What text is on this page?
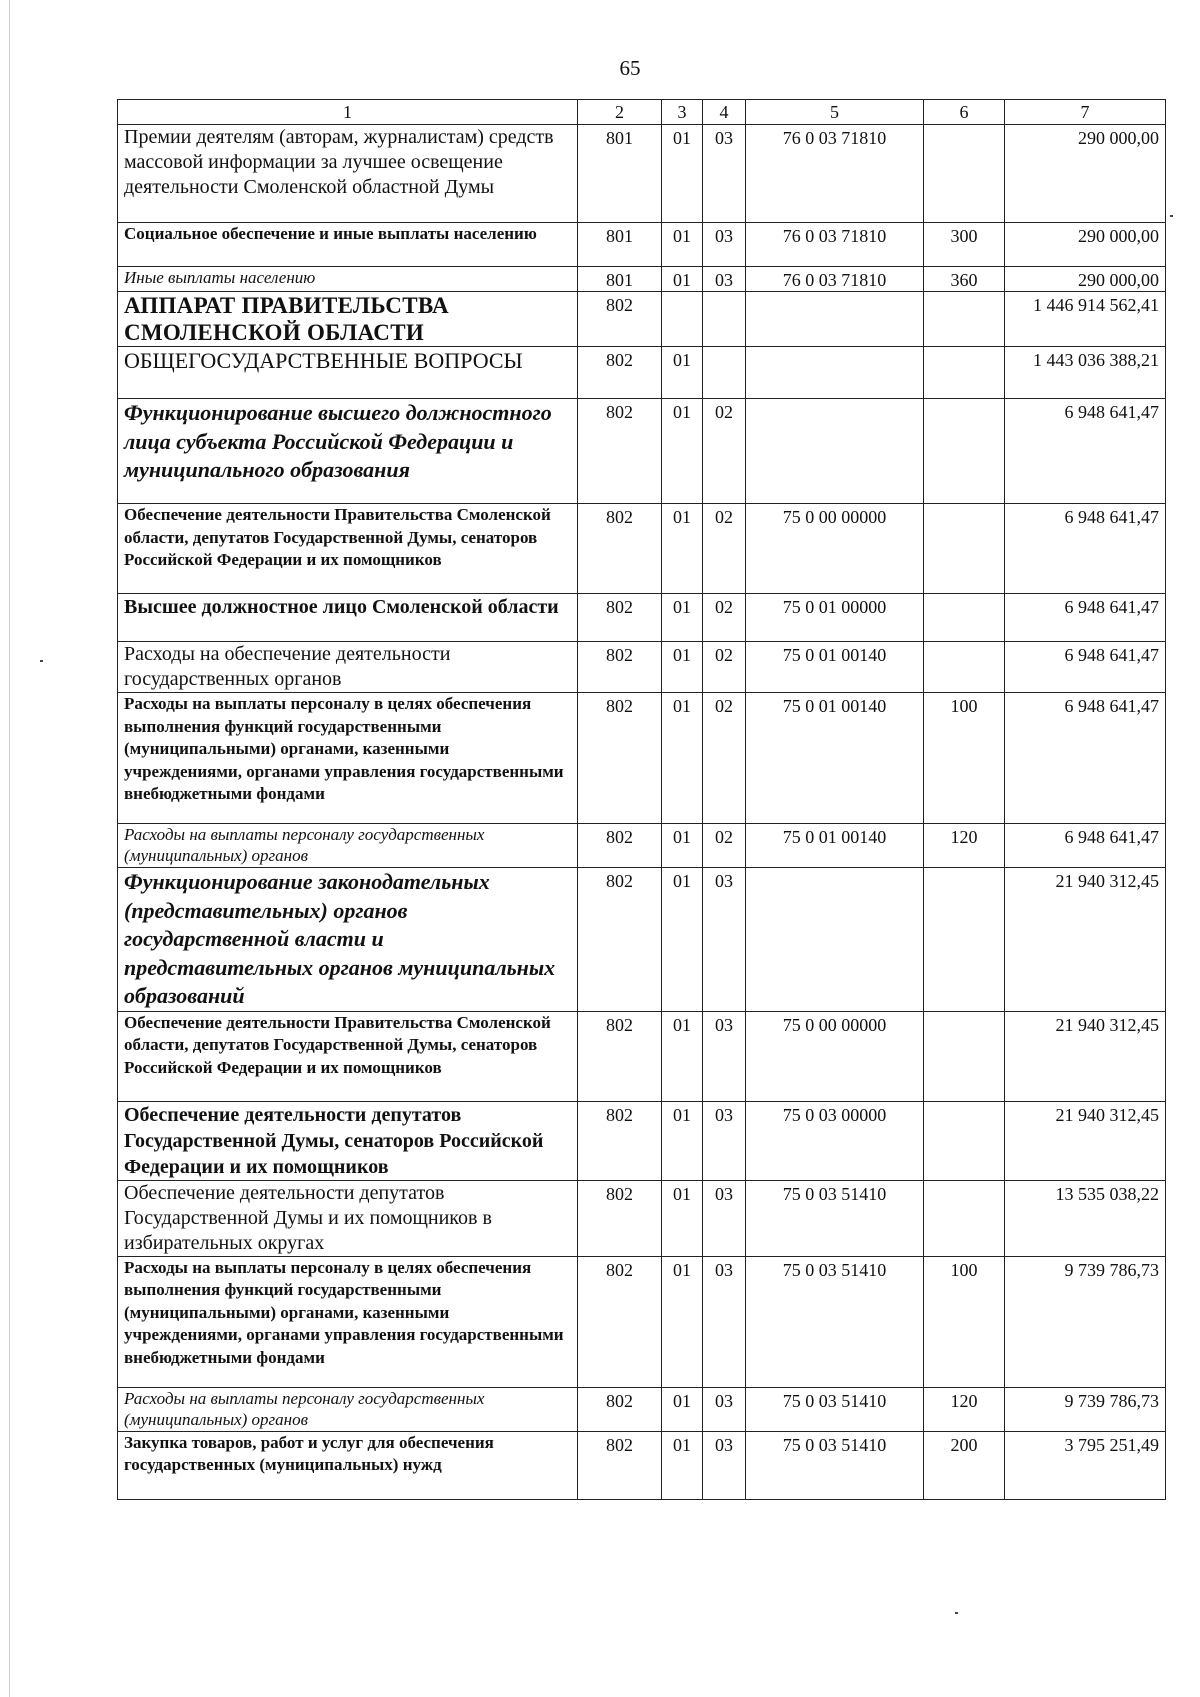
65
1	2	3	4	5	6	7
Премии деятелям (авторам, журналистам) средств массовой информации за лучшее освещение деятельности Смоленской областной Думы	801	01	03	76 0 03 71810		290 000,00
Социальное обеспечение и иные выплаты населению	801	01	03	76 0 03 71810	300	290 000,00
Иные выплаты населению	801	01	03	76 0 03 71810	360	290 000,00
АППАРАТ ПРАВИТЕЛЬСТВА СМОЛЕНСКОЙ ОБЛАСТИ	802					1 446 914 562,41
ОБЩЕГОСУДАРСТВЕННЫЕ ВОПРОСЫ	802	01				1 443 036 388,21
Функционирование высшего должностного лица субъекта Российской Федерации и муниципального образования	802	01	02			6 948 641,47
Обеспечение деятельности Правительства Смоленской области, депутатов Государственной Думы, сенаторов Российской Федерации и их помощников	802	01	02	75 0 00 00000		6 948 641,47
Высшее должностное лицо Смоленской области	802	01	02	75 0 01 00000		6 948 641,47
Расходы на обеспечение деятельности государственных органов	802	01	02	75 0 01 00140		6 948 641,47
Расходы на выплаты персоналу в целях обеспечения выполнения функций государственными (муниципальными) органами, казенными учреждениями, органами управления государственными внебюджетными фондами	802	01	02	75 0 01 00140	100	6 948 641,47
Расходы на выплаты персоналу государственных (муниципальных) органов	802	01	02	75 0 01 00140	120	6 948 641,47
Функционирование законодательных (представительных) органов государственной власти и представительных органов муниципальных образований	802	01	03			21 940 312,45
Обеспечение деятельности Правительства Смоленской области, депутатов Государственной Думы, сенаторов Российской Федерации и их помощников	802	01	03	75 0 00 00000		21 940 312,45
Обеспечение деятельности депутатов Государственной Думы, сенаторов Российской Федерации и их помощников	802	01	03	75 0 03 00000		21 940 312,45
Обеспечение деятельности депутатов Государственной Думы и их помощников в избирательных округах	802	01	03	75 0 03 51410		13 535 038,22
Расходы на выплаты персоналу в целях обеспечения выполнения функций государственными (муниципальными) органами, казенными учреждениями, органами управления государственными внебюджетными фондами	802	01	03	75 0 03 51410	100	9 739 786,73
Расходы на выплаты персоналу государственных (муниципальных) органов	802	01	03	75 0 03 51410	120	9 739 786,73
Закупка товаров, работ и услуг для обеспечения государственных (муниципальных) нужд	802	01	03	75 0 03 51410	200	3 795 251,49
